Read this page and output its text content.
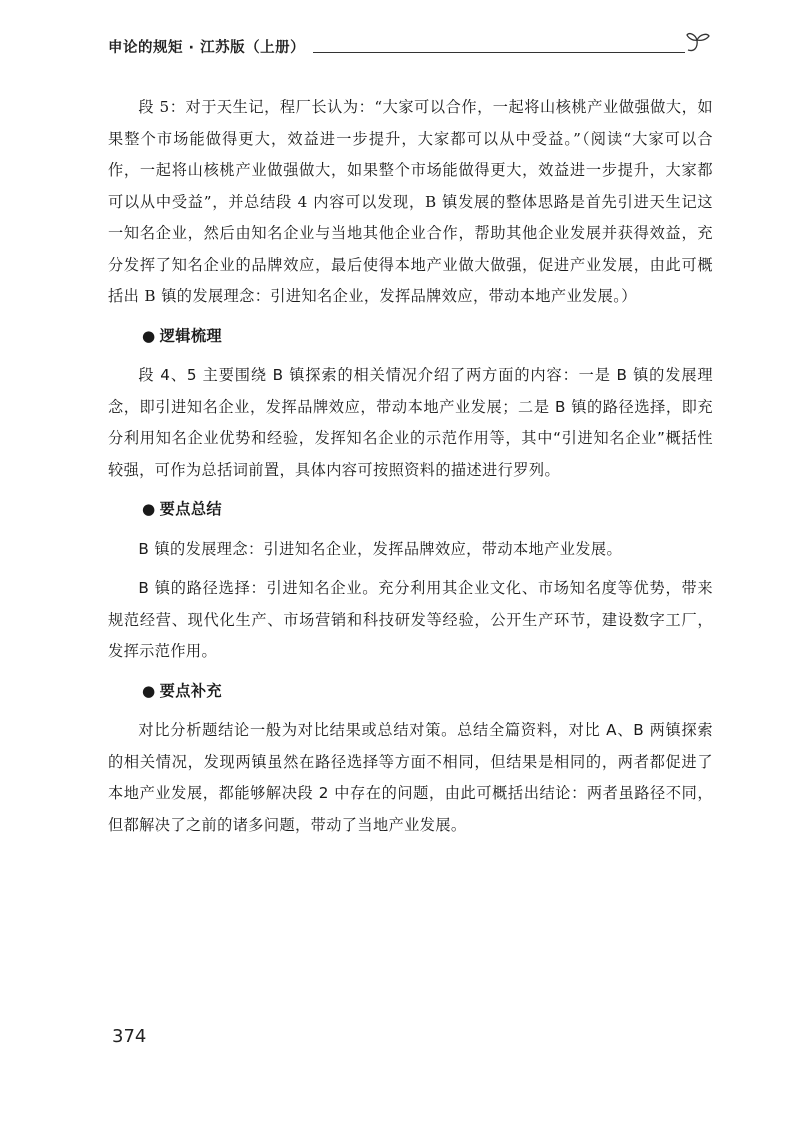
申论的规矩 · 江苏版（上册）

段 5：对于天生记，程厂长认为：“大家可以合作，一起将山核桃产业做强做大，如果整个市场能做得更大，效益进一步提升，大家都可以从中受益。”（阅读“大家可以合作，一起将山核桃产业做强做大，如果整个市场能做得更大，效益进一步提升，大家都可以从中受益”，并总结段 4 内容可以发现，B 镇发展的整体思路是首先引进天生记这一知名企业，然后由知名企业与当地其他企业合作，帮助其他企业发展并获得效益，充分发挥了知名企业的品牌效应，最后使得本地产业做大做强，促进产业发展，由此可概括出 B 镇的发展理念：引进知名企业，发挥品牌效应，带动本地产业发展。）

● 逻辑梳理

段 4、5 主要围绕 B 镇探索的相关情况介绍了两方面的内容：一是 B 镇的发展理念，即引进知名企业，发挥品牌效应，带动本地产业发展；二是 B 镇的路径选择，即充分利用知名企业优势和经验，发挥知名企业的示范作用等，其中“引进知名企业”概括性较强，可作为总括词前置，具体内容可按照资料的描述进行罗列。

● 要点总结

B 镇的发展理念：引进知名企业，发挥品牌效应，带动本地产业发展。

B 镇的路径选择：引进知名企业。充分利用其企业文化、市场知名度等优势，带来规范经营、现代化生产、市场营销和科技研发等经验，公开生产环节，建设数字工厂，发挥示范作用。

● 要点补充

对比分析题结论一般为对比结果或总结对策。总结全篇资料，对比 A、B 两镇探索的相关情况，发现两镇虽然在路径选择等方面不相同，但结果是相同的，两者都促进了本地产业发展，都能够解决段 2 中存在的问题，由此可概括出结论：两者虽路径不同，但都解决了之前的诸多问题，带动了当地产业发展。

374
